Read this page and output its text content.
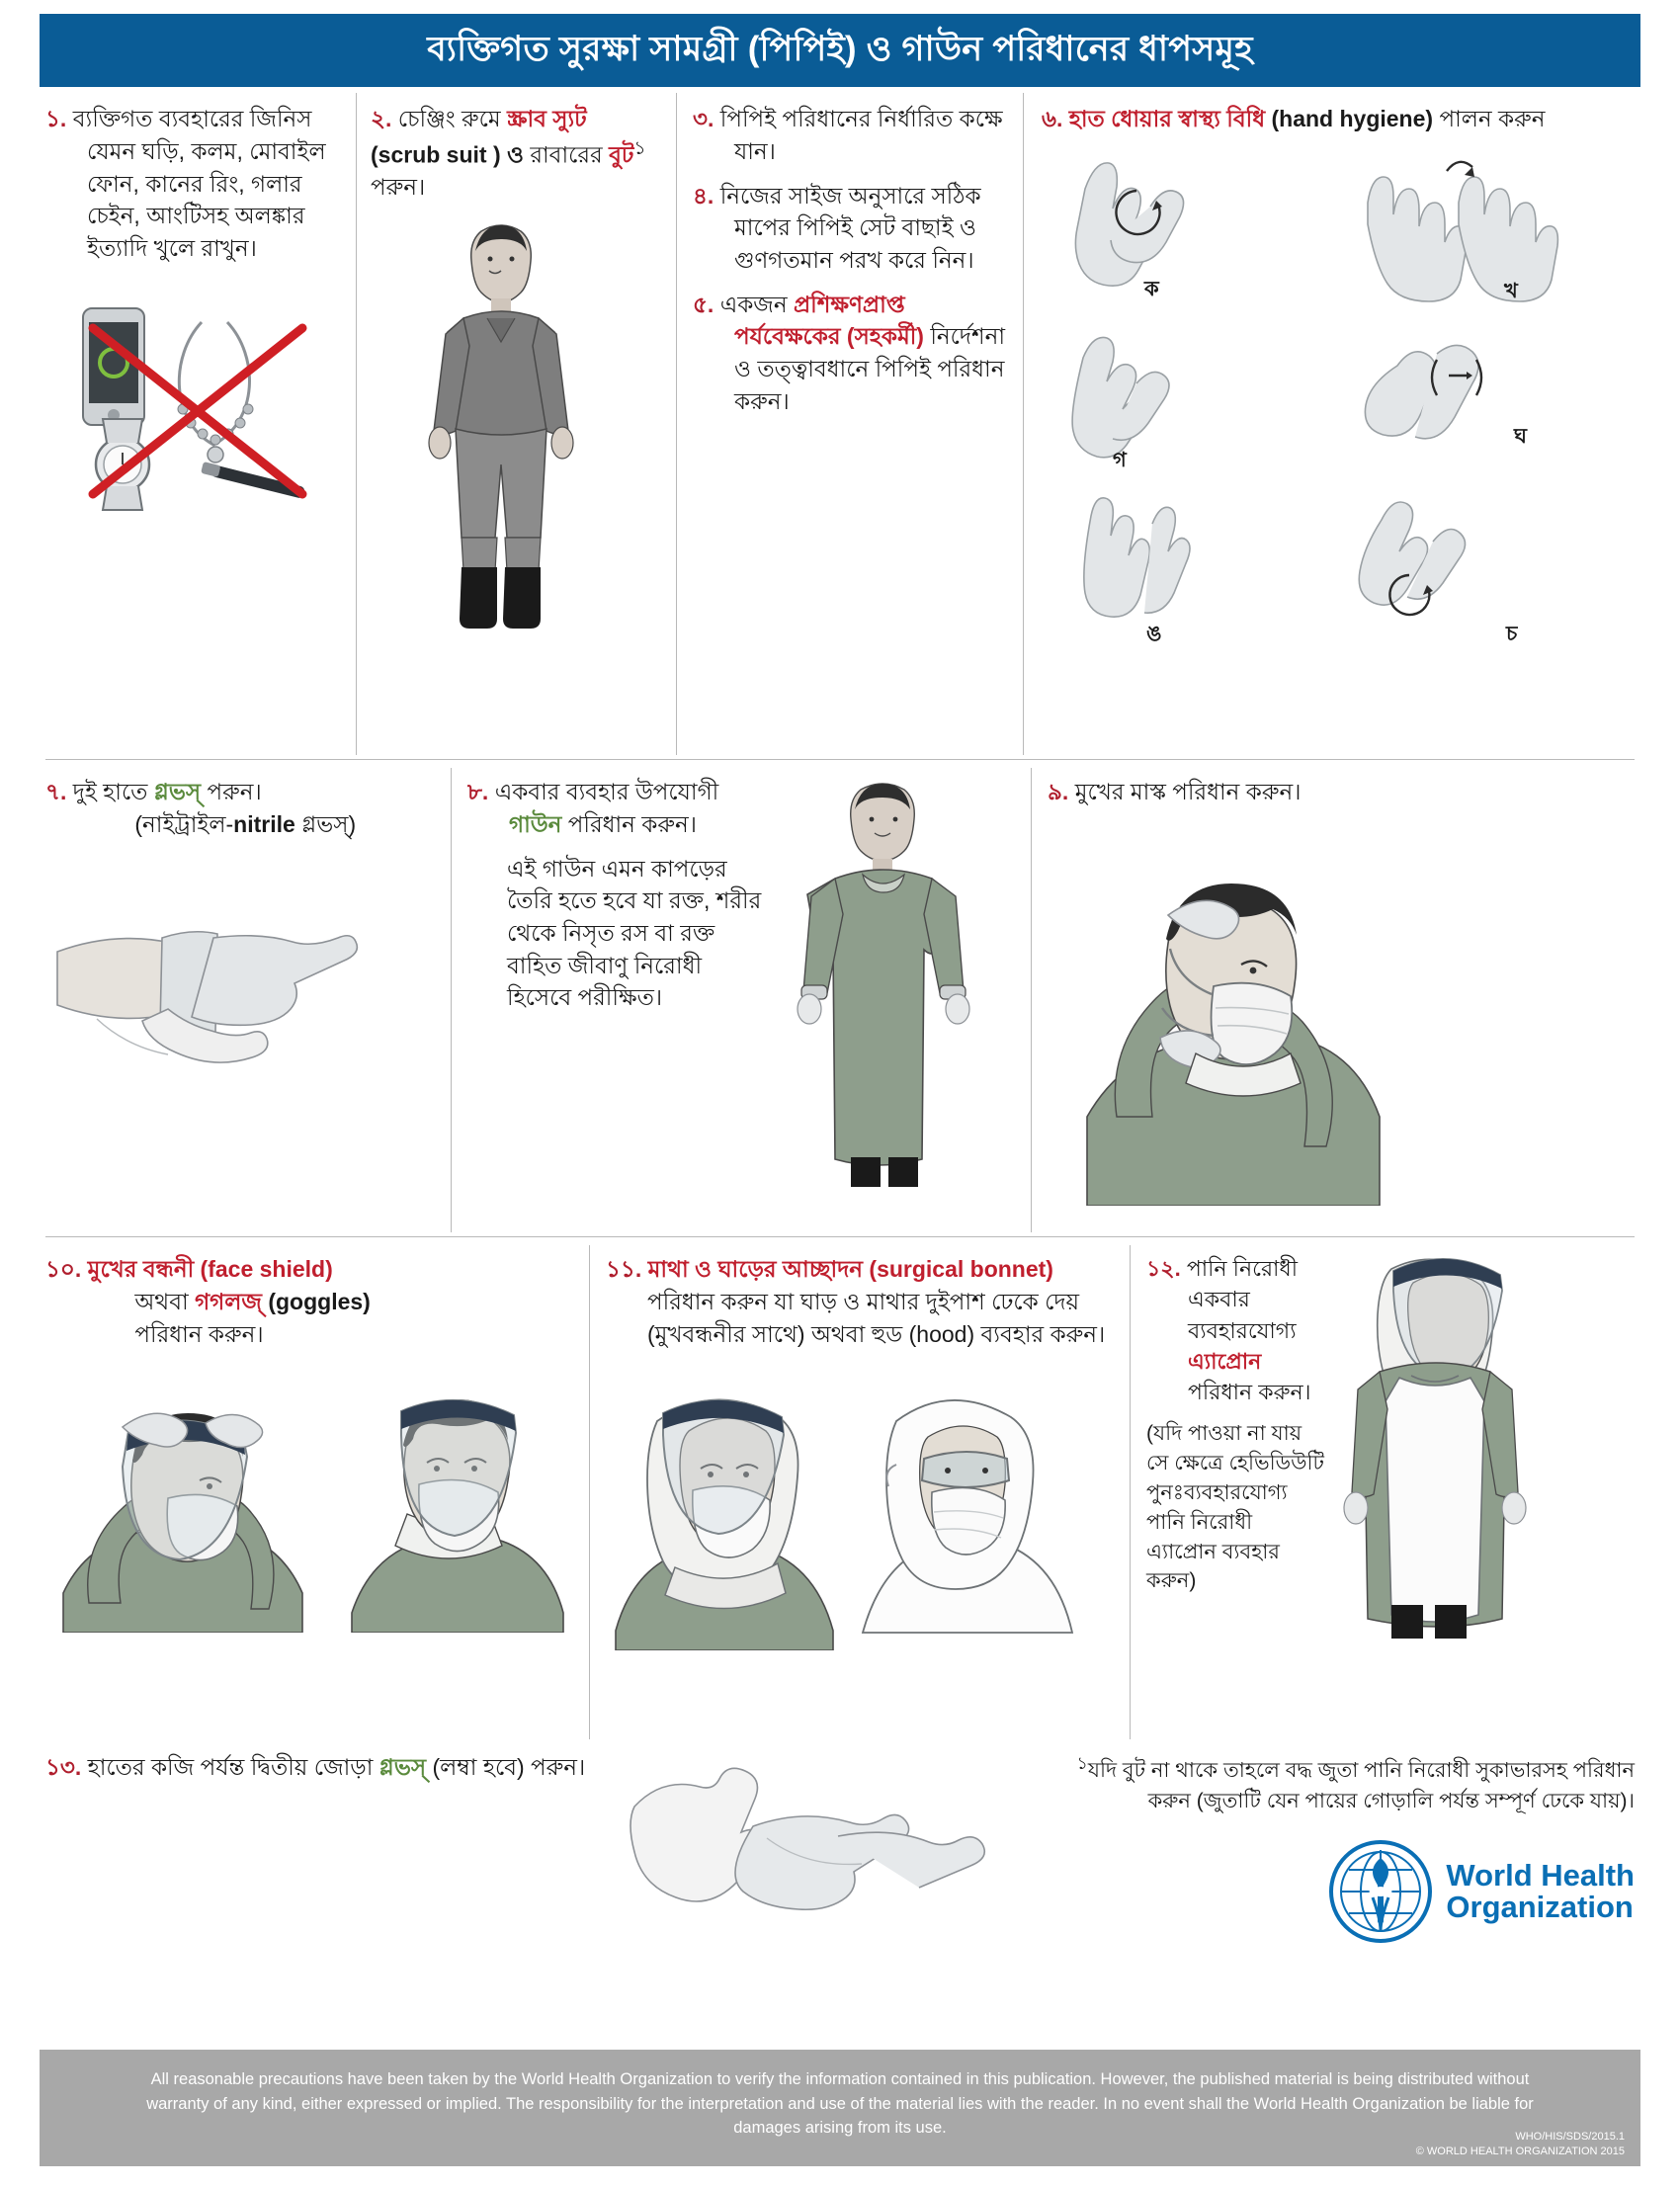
ব্যক্তিগত সুরক্ষা সামগ্রী (পিপিই) ও গাউন পরিধানের ধাপসমূহ
১. ব্যক্তিগত ব্যবহারের জিনিস যেমন ঘড়ি, কলম, মোবাইল ফোন, কানের রিং, গলার চেইন, আংটিসহ অলঙ্কার ইত্যাদি খুলে রাখুন।

২. চেঞ্জিং রুমে স্ক্রাব স্যুট (scrub suit ) ও রাবারের বুট$^১$ পরুন।

৩. পিপিই পরিধানের নির্ধারিত কক্ষে যান।

৪. নিজের সাইজ অনুসারে সঠিক মাপের পিপিই সেট বাছাই ও গুণগতমান পরখ করে নিন।

৫. একজন প্রশিক্ষণপ্রাপ্ত পর্যবেক্ষকের (সহকর্মী) নির্দেশনা ও তত্ত্বাবধানে পিপিই পরিধান করুন।

৬. হাত ধোয়ার স্বাস্থ্য বিধি (hand hygiene) পালন করুন

ক	খ
গ
ঘ
ঙ	চ

৭. দুই হাতে গ্লভস্ পরুন।
(নাইট্রাইল-nitrile গ্লভস্)

৮. একবার ব্যবহার উপযোগী গাউন পরিধান করুন।

এই গাউন এমন কাপড়ের তৈরি হতে হবে যা রক্ত, শরীর থেকে নিসৃত রস বা রক্ত বাহিত জীবাণু নিরোধী হিসেবে পরীক্ষিত।

৯. মুখের মাস্ক পরিধান করুন।

১০. মুখের বন্ধনী (face shield)
অথবা গগলজ্ (goggles)
পরিধান করুন।

১১. মাথা ও ঘাড়ের আচ্ছাদন (surgical bonnet) পরিধান করুন যা ঘাড় ও মাথার দুইপাশ ঢেকে দেয় (মুখবন্ধনীর সাথে) অথবা হুড (hood) ব্যবহার করুন।

১২. পানি নিরোধী একবার ব্যবহারযোগ্য এ্যাপ্রোন পরিধান করুন।

(যদি পাওয়া না যায় সে ক্ষেত্রে হেভিডিউটি পুনঃব্যবহারযোগ্য পানি নিরোধী এ্যাপ্রোন ব্যবহার করুন)

১৩. হাতের কজি পর্যন্ত দ্বিতীয় জোড়া গ্লভস্ (লম্বা হবে) পরুন।	$^১$যদি বুট না থাকে তাহলে বদ্ধ জুতা পানি নিরোধী সুকাভারসহ পরিধান করুন (জুতাটি যেন পায়ের গোড়ালি পর্যন্ত সম্পূর্ণ ঢেকে যায়)।
World Health
Organization
All reasonable precautions have been taken by the World Health Organization to verify the information contained in this publication. However, the published material is being distributed without warranty of any kind, either expressed or implied. The responsibility for the interpretation and use of the material lies with the reader. In no event shall the World Health Organization be liable for damages arising from its use.
WHO/HIS/SDS/2015.1
© WORLD HEALTH ORGANIZATION 2015
